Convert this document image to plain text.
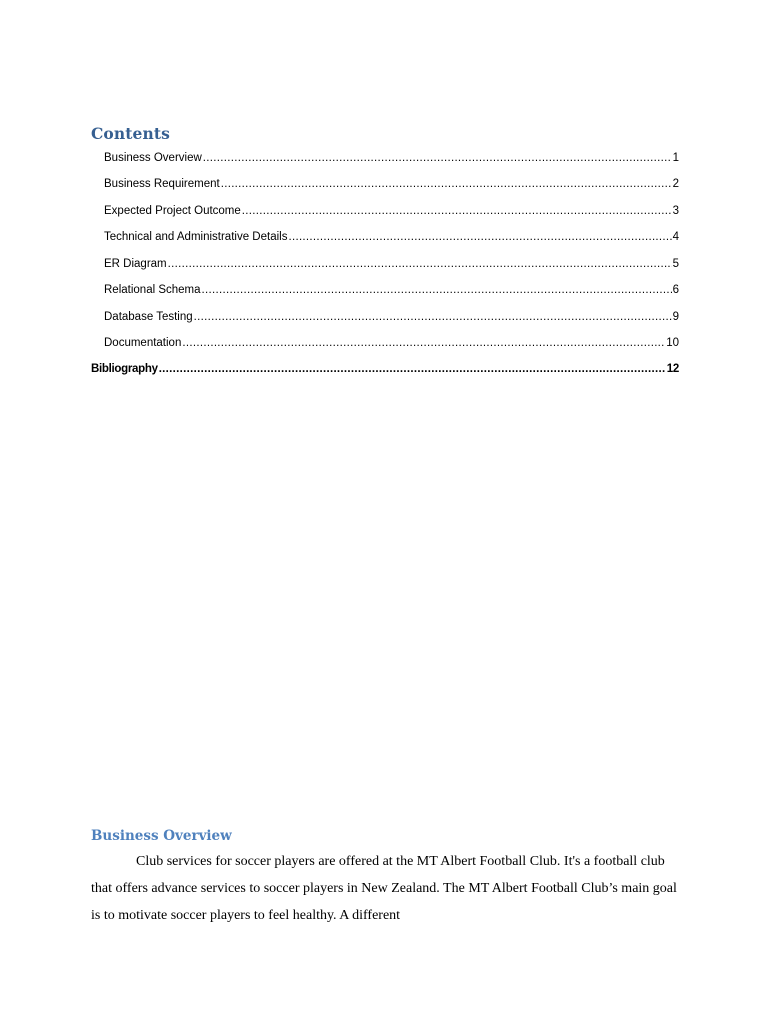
Contents
Business Overview .....	1
Business Requirement .....	2
Expected Project Outcome .....	3
Technical and Administrative Details .....	4
ER Diagram .....	5
Relational Schema .....	6
Database Testing .....	9
Documentation .....	10
Bibliography .....	12
Business Overview

Club services for soccer players are offered at the MT Albert Football Club. It's a football club that offers advance services to soccer players in New Zealand. The MT Albert Football Club’s main goal is to motivate soccer players to feel healthy. A different
